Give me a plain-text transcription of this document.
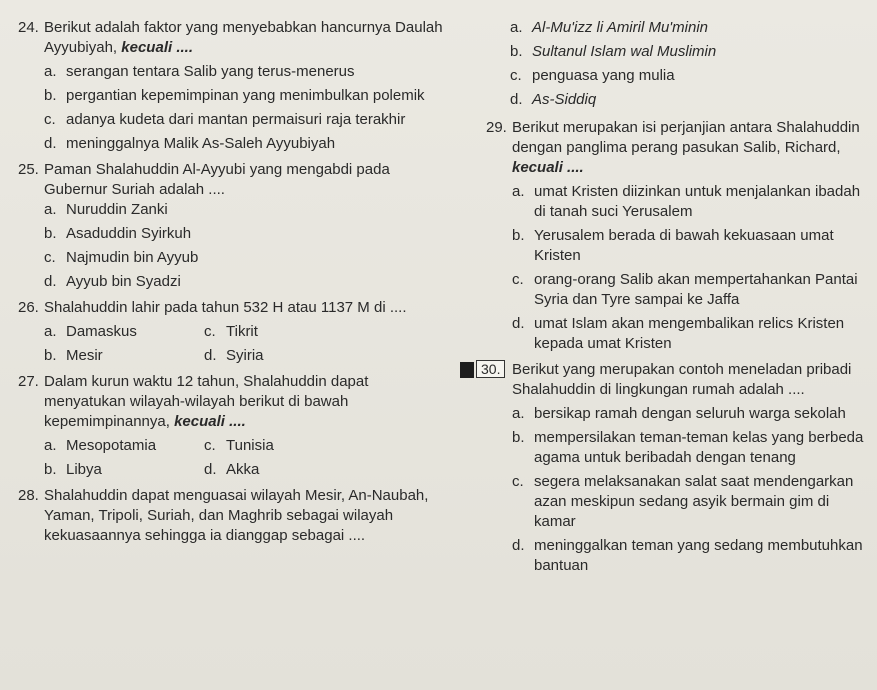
24. Berikut adalah faktor yang menyebabkan hancurnya Daulah Ayyubiyah, kecuali ....
a. serangan tentara Salib yang terus-menerus
b. pergantian kepemimpinan yang menimbulkan polemik
c. adanya kudeta dari mantan permaisuri raja terakhir
d. meninggalnya Malik As-Saleh Ayyubiyah
25. Paman Shalahuddin Al-Ayyubi yang mengabdi pada Gubernur Suriah adalah ....
a. Nuruddin Zanki
b. Asaduddin Syirkuh
c. Najmudin bin Ayyub
d. Ayyub bin Syadzi
26. Shalahuddin lahir pada tahun 532 H atau 1137 M di ....
a. Damaskus	c. Tikrit
b. Mesir	d. Syiria
27. Dalam kurun waktu 12 tahun, Shalahuddin dapat menyatukan wilayah-wilayah berikut di bawah kepemimpinannya, kecuali ....
a. Mesopotamia	c. Tunisia
b. Libya	d. Akka
28. Shalahuddin dapat menguasai wilayah Mesir, An-Naubah, Yaman, Tripoli, Suriah, dan Maghrib sebagai wilayah kekuasaannya sehingga ia dianggap sebagai ....
a. Al-Mu'izz li Amiril Mu'minin
b. Sultanul Islam wal Muslimin
c. penguasa yang mulia
d. As-Siddiq
29. Berikut merupakan isi perjanjian antara Shalahuddin dengan panglima perang pasukan Salib, Richard, kecuali ....
a. umat Kristen diizinkan untuk menjalankan ibadah di tanah suci Yerusalem
b. Yerusalem berada di bawah kekuasaan umat Kristen
c. orang-orang Salib akan mempertahankan Pantai Syria dan Tyre sampai ke Jaffa
d. umat Islam akan mengembalikan relics Kristen kepada umat Kristen
30. Berikut yang merupakan contoh meneladan pribadi Shalahuddin di lingkungan rumah adalah ....
a. bersikap ramah dengan seluruh warga sekolah
b. mempersilakan teman-teman kelas yang berbeda agama untuk beribadah dengan tenang
c. segera melaksanakan salat saat mendengarkan azan meskipun sedang asyik bermain gim di kamar
d. meninggalkan teman yang sedang membutuhkan bantuan
